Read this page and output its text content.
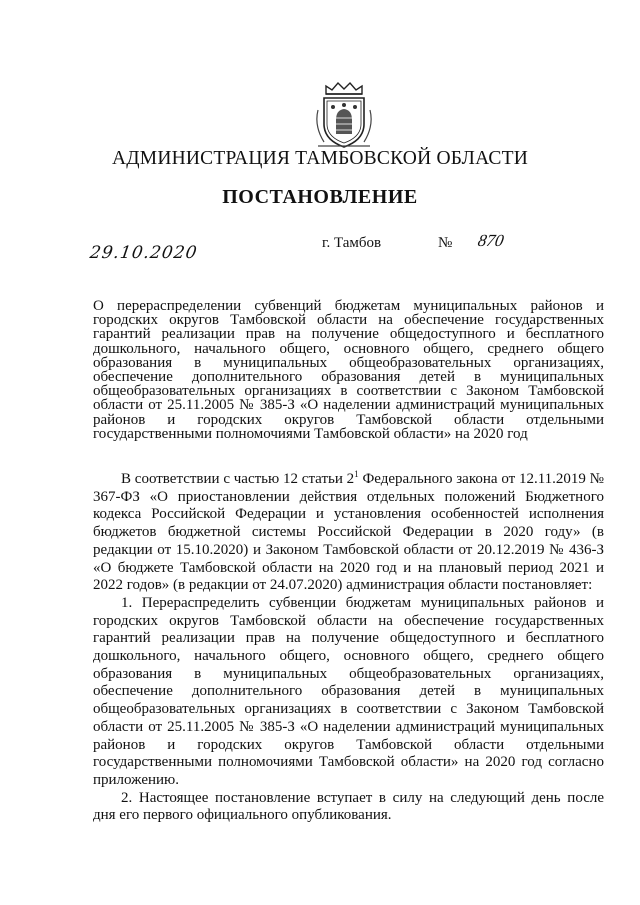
АДМИНИСТРАЦИЯ ТАМБОВСКОЙ ОБЛАСТИ
ПОСТАНОВЛЕНИЕ
29.10.2020	г. Тамбов	№ 870
О перераспределении субвенций бюджетам муниципальных районов и городских округов Тамбовской области на обеспечение государственных гарантий реализации прав на получение общедоступного и бесплатного дошкольного, начального общего, основного общего, среднего общего образования в муниципальных общеобразовательных организациях, обеспечение дополнительного образования детей в муниципальных общеобразовательных организациях в соответствии с Законом Тамбовской области от 25.11.2005 № 385-З «О наделении администраций муниципальных районов и городских округов Тамбовской области отдельными государственными полномочиями Тамбовской области» на 2020 год

В соответствии с частью 12 статьи $2^1$ Федерального закона от 12.11.2019 № 367-ФЗ «О приостановлении действия отдельных положений Бюджетного кодекса Российской Федерации и установления особенностей исполнения бюджетов бюджетной системы Российской Федерации в 2020 году» (в редакции от 15.10.2020) и Законом Тамбовской области от 20.12.2019 № 436-З «О бюджете Тамбовской области на 2020 год и на плановый период 2021 и 2022 годов» (в редакции от 24.07.2020) администрация области постановляет:

1. Перераспределить субвенции бюджетам муниципальных районов и городских округов Тамбовской области на обеспечение государственных гарантий реализации прав на получение общедоступного и бесплатного дошкольного, начального общего, основного общего, среднего общего образования в муниципальных общеобразовательных организациях, обеспечение дополнительного образования детей в муниципальных общеобразовательных организациях в соответствии с Законом Тамбовской области от 25.11.2005 № 385-З «О наделении администраций муниципальных районов и городских округов Тамбовской области отдельными государственными полномочиями Тамбовской области» на 2020 год согласно приложению.

2. Настоящее постановление вступает в силу на следующий день после дня его первого официального опубликования.
